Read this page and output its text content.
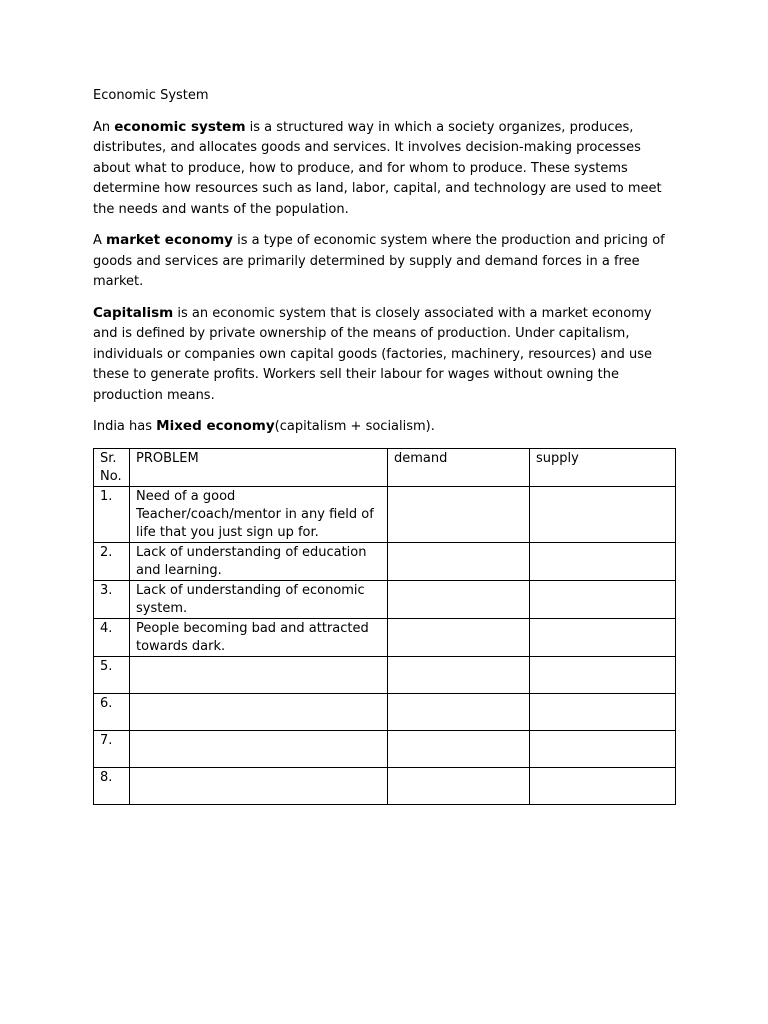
Economic System

An economic system is a structured way in which a society organizes, produces, distributes, and allocates goods and services. It involves decision-making processes about what to produce, how to produce, and for whom to produce. These systems determine how resources such as land, labor, capital, and technology are used to meet the needs and wants of the population.

A market economy is a type of economic system where the production and pricing of goods and services are primarily determined by supply and demand forces in a free market.

Capitalism is an economic system that is closely associated with a market economy and is defined by private ownership of the means of production. Under capitalism, individuals or companies own capital goods (factories, machinery, resources) and use these to generate profits. Workers sell their labour for wages without owning the production means.

India has Mixed economy(capitalism + socialism).

Sr. No.	PROBLEM	demand	supply
1.	Need of a good Teacher/coach/mentor in any field of life that you just sign up for.		
2.	Lack of understanding of education and learning.		
3.	Lack of understanding of economic system.		
4.	People becoming bad and attracted towards dark.		
5.			
6.			
7.			
8.			
